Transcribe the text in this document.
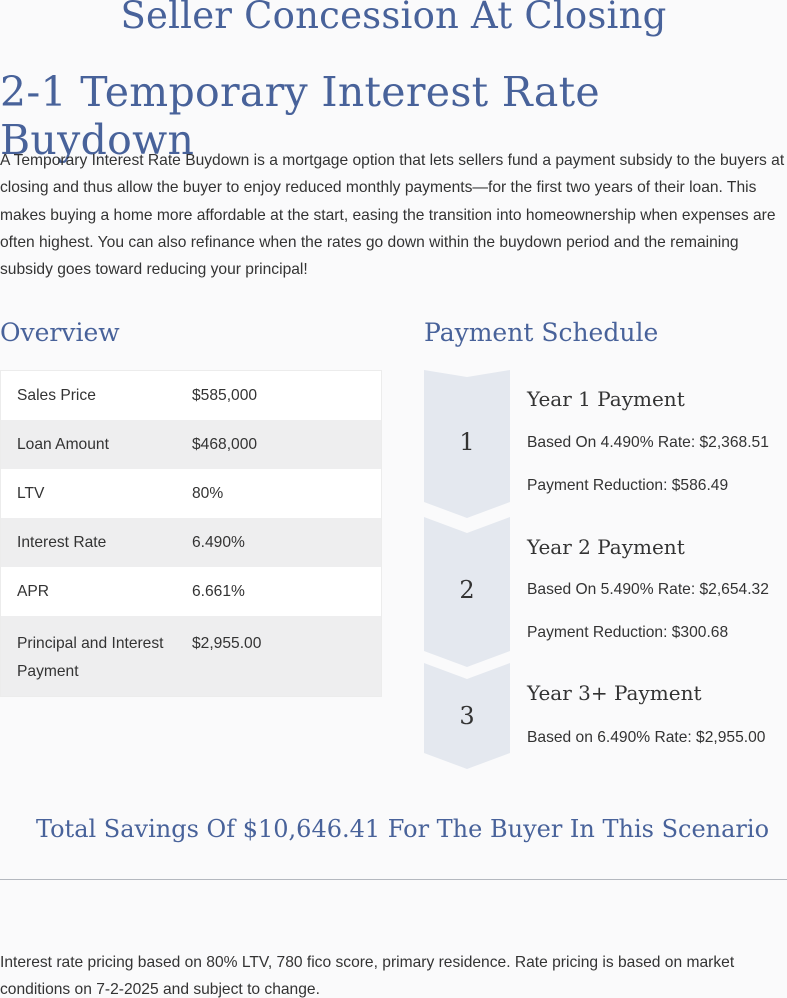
Seller Concession At Closing
2-1 Temporary Interest Rate Buydown

A Temporary Interest Rate Buydown is a mortgage option that lets sellers fund a payment subsidy to the buyers at closing and thus allow the buyer to enjoy reduced monthly payments—for the first two years of their loan. This makes buying a home more affordable at the start, easing the transition into homeownership when expenses are often highest. You can also refinance when the rates go down within the buydown period and the remaining subsidy goes toward reducing your principal!

Overview	Payment Schedule
Sales Price	$585,000
Loan Amount	$468,000
LTV	80%
Interest Rate	6.490%
APR	6.661%
Principal and Interest Payment
$2,955.00
1
2
3
Year 1 Payment
Based On 4.490% Rate: $2,368.51
Payment Reduction: $586.49
Year 2 Payment
Based On 5.490% Rate: $2,654.32
Payment Reduction: $300.68
Year 3+ Payment
Based on 6.490% Rate: $2,955.00
Total Savings Of $10,646.41 For The Buyer In This Scenario

Interest rate pricing based on 80% LTV, 780 fico score, primary residence. Rate pricing is based on market conditions on 7-2-2025 and subject to change.
